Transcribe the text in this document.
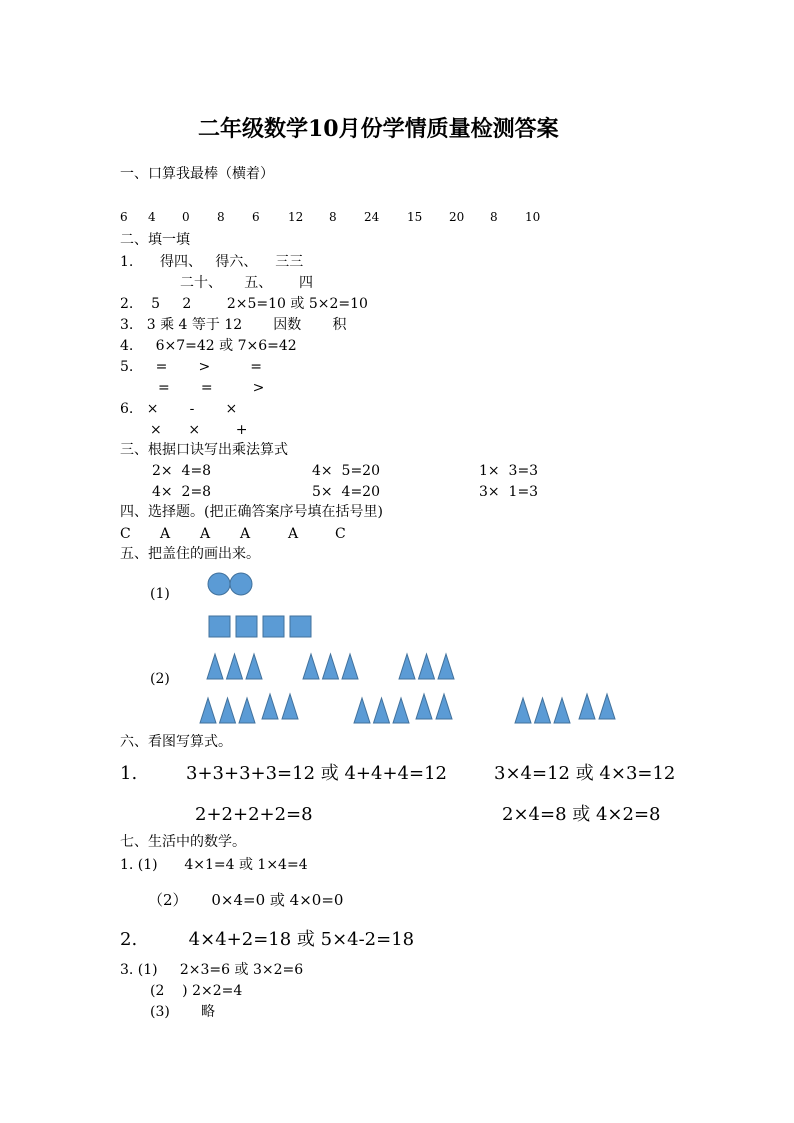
二年级数学10月份学情质量检测答案
一、口算我最棒（横着）
6 4 0 8 6 12 8 24 15 20 8 10
二、填一填
1.      得四、   得六、    三三
二十、     五、      四
2.    5     2        2×5=10 或 5×2=10
3.   3 乘 4 等于 12       因数       积
4.     6×7=42 或 7×6=42
5.     =       >         =
=       =         >
6.   ×       -       ×
×      ×        +
三、根据口诀写出乘法算式
2×  4=8	4×  5=20	1×  3=3
4×  2=8	5×  4=20	3×  1=3
四、选择题。(把正确答案序号填在括号里)
C A A A	A	C
五、把盖住的画出来。
(1)
(2)
六、看图写算式。
1.	3+3+3+3=12 或 4+4+4=12	3×4=12 或 4×3=12
2+2+2+2=8	2×4=8 或 4×2=8
七、生活中的数学。
1. (1)      4×1=4 或 1×4=4
（2）     0×4=0 或 4×0=0
2.         4×4+2=18 或 5×4-2=18
3. (1)     2×3=6 或 3×2=6
(2    ) 2×2=4
(3)       略
